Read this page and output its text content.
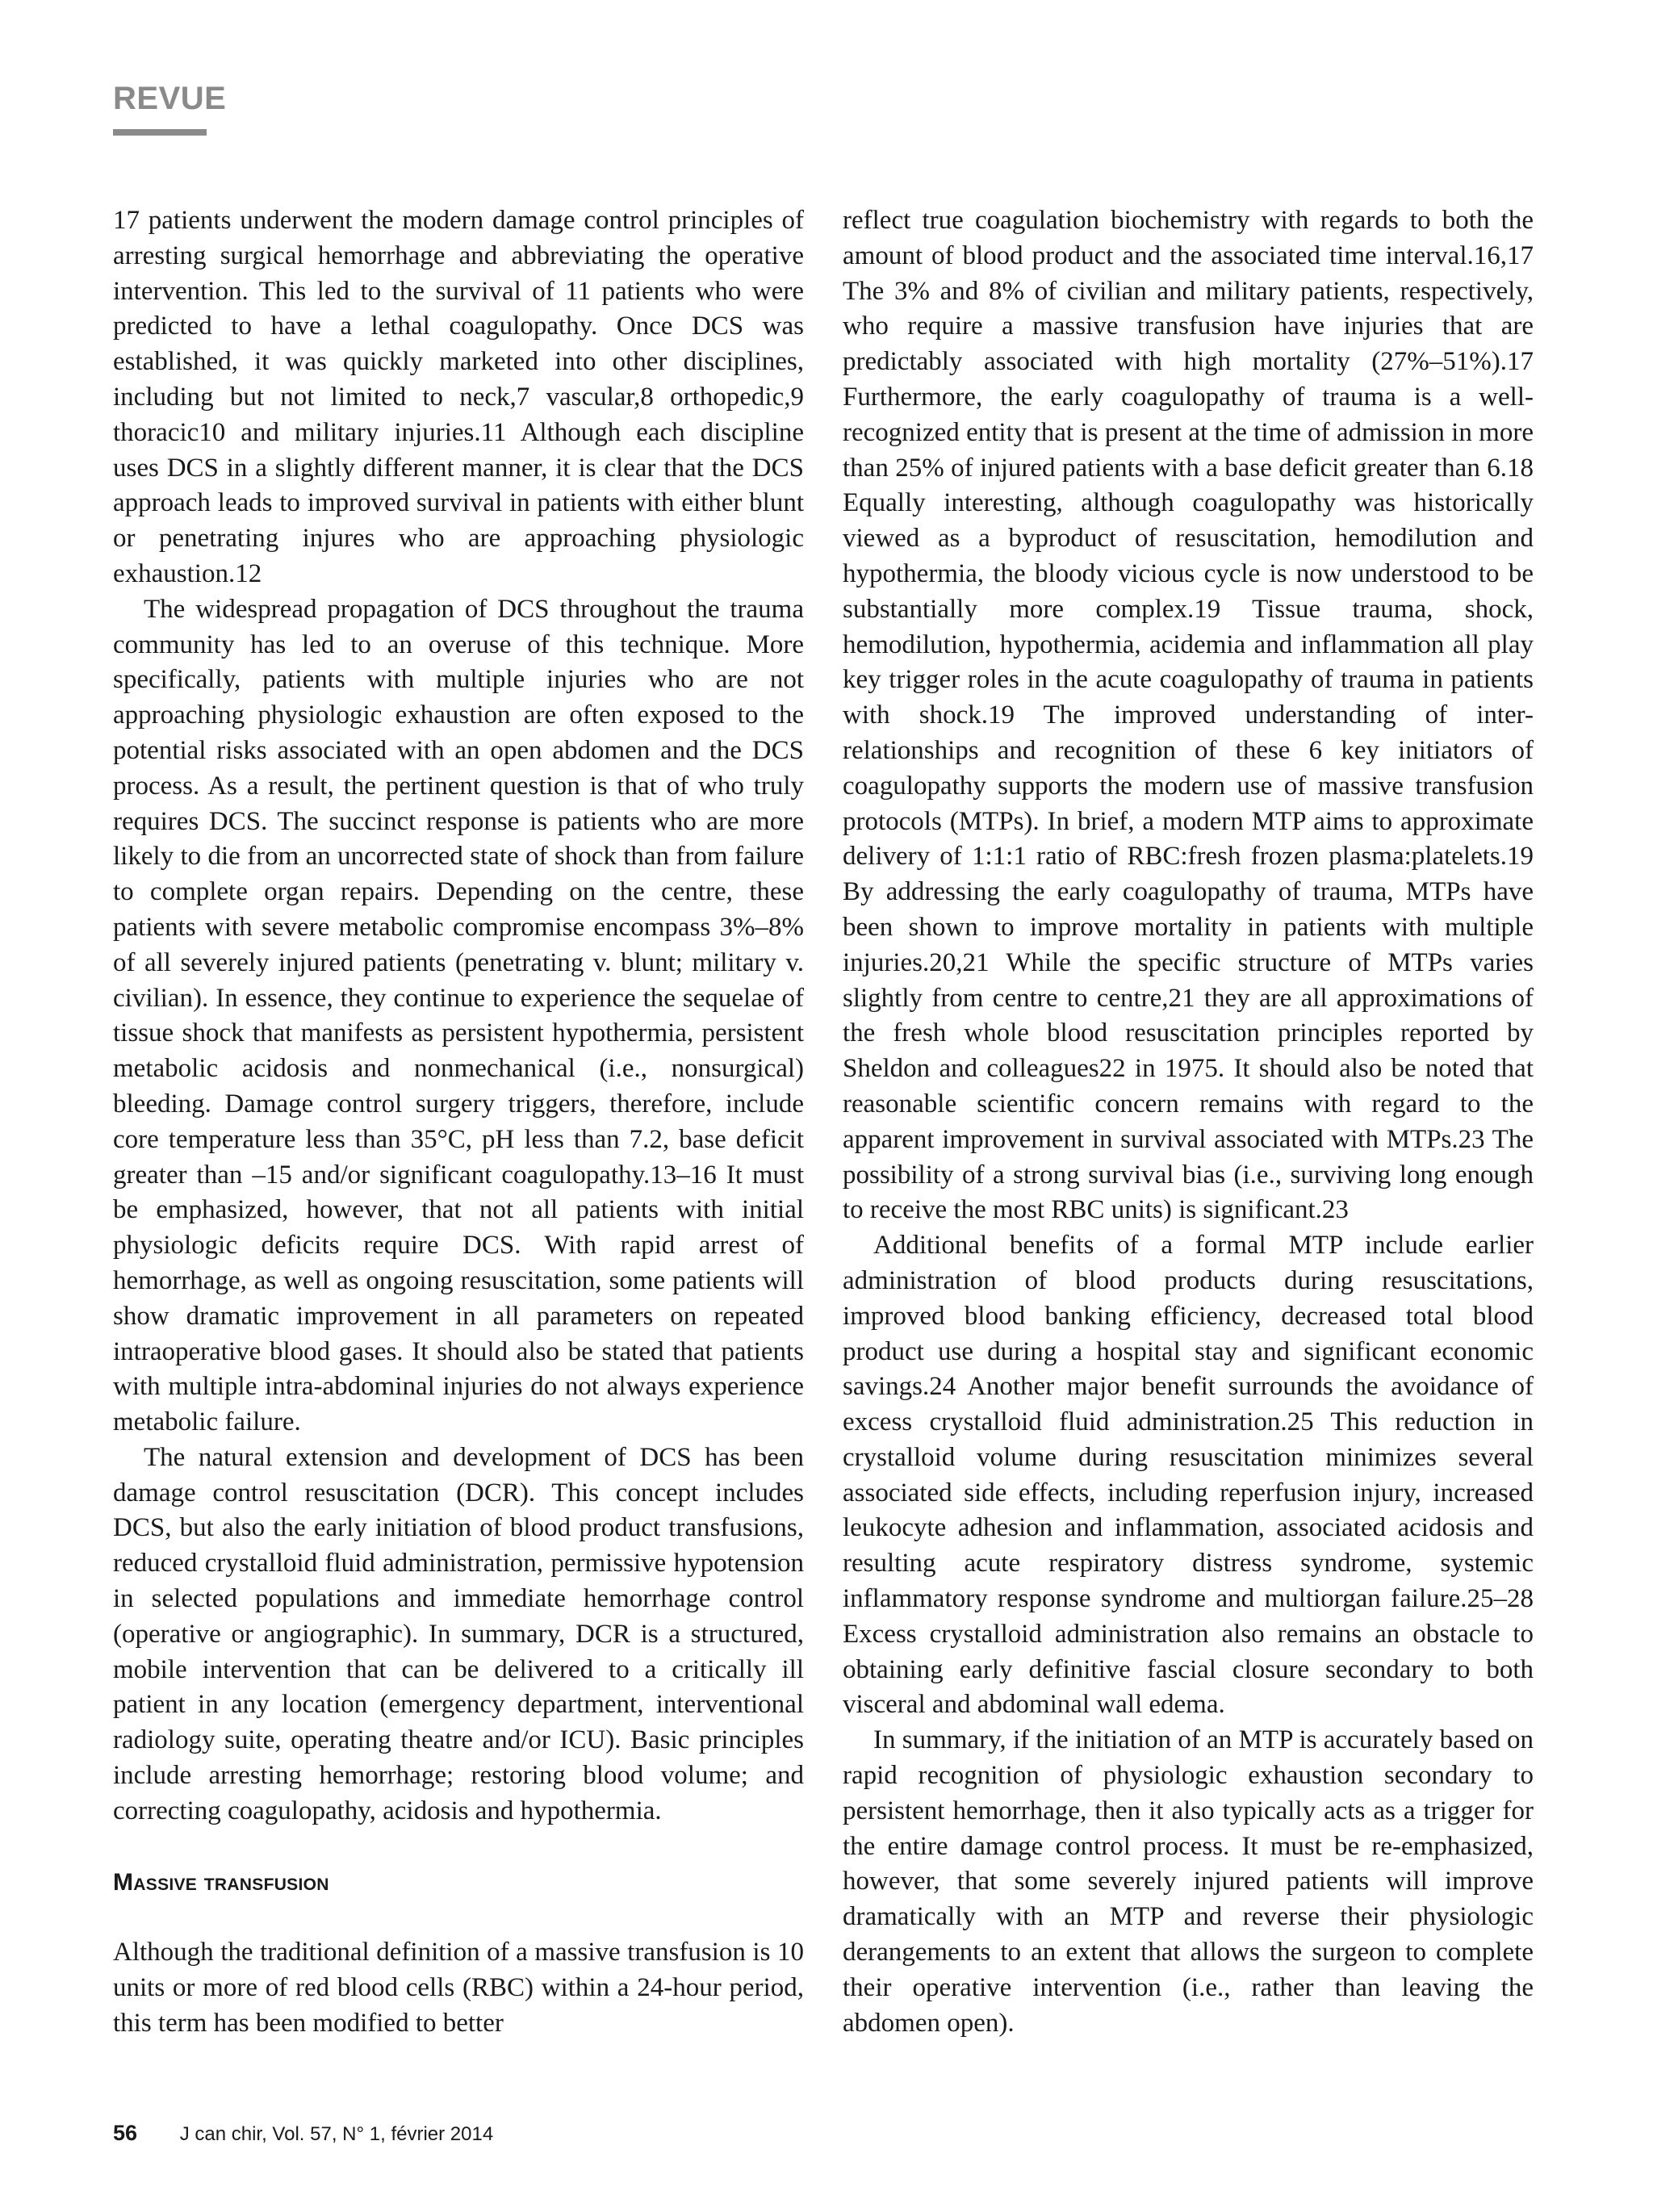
REVUE

17 patients underwent the modern damage control principles of arresting surgical hemorrhage and abbreviating the operative intervention. This led to the survival of 11 patients who were predicted to have a lethal coagulopathy. Once DCS was established, it was quickly marketed into other disciplines, including but not limited to neck,7 vascular,8 orthopedic,9 thoracic10 and military injuries.11 Although each discipline uses DCS in a slightly different manner, it is clear that the DCS approach leads to improved survival in patients with either blunt or penetrating injures who are approaching physiologic exhaustion.12

The widespread propagation of DCS throughout the trauma community has led to an overuse of this technique. More specifically, patients with multiple injuries who are not approaching physiologic exhaustion are often exposed to the potential risks associated with an open abdomen and the DCS process. As a result, the pertinent question is that of who truly requires DCS. The succinct response is patients who are more likely to die from an uncorrected state of shock than from failure to complete organ repairs. Depending on the centre, these patients with severe metabolic compromise encompass 3%–8% of all severely injured patients (penetrating v. blunt; military v. civilian). In essence, they continue to experience the sequelae of tissue shock that manifests as persistent hypothermia, persistent metabolic acidosis and nonmechanical (i.e., nonsurgical) bleeding. Damage control surgery triggers, therefore, include core temperature less than 35°C, pH less than 7.2, base deficit greater than –15 and/or significant coagulopathy.13–16 It must be emphasized, however, that not all patients with initial physiologic deficits require DCS. With rapid arrest of hemorrhage, as well as ongoing resuscitation, some patients will show dramatic improvement in all parameters on repeated intraoperative blood gases. It should also be stated that patients with multiple intra-abdominal injuries do not always experience metabolic failure.

The natural extension and development of DCS has been damage control resuscitation (DCR). This concept includes DCS, but also the early initiation of blood product transfusions, reduced crystalloid fluid administration, permissive hypotension in selected populations and immediate hemorrhage control (operative or angiographic). In summary, DCR is a structured, mobile intervention that can be delivered to a critically ill patient in any location (emergency department, interventional radiology suite, operating theatre and/or ICU). Basic principles include arresting hemorrhage; restoring blood volume; and correcting coagulopathy, acidosis and hypothermia.

Massive transfusion

Although the traditional definition of a massive transfusion is 10 units or more of red blood cells (RBC) within a 24-hour period, this term has been modified to better

reflect true coagulation biochemistry with regards to both the amount of blood product and the associated time interval.16,17 The 3% and 8% of civilian and military patients, respectively, who require a massive transfusion have injuries that are predictably associated with high mortality (27%–51%).17 Furthermore, the early coagulopathy of trauma is a well-recognized entity that is present at the time of admission in more than 25% of injured patients with a base deficit greater than 6.18 Equally interesting, although coagulopathy was historically viewed as a byproduct of resuscitation, hemodilution and hypothermia, the bloody vicious cycle is now understood to be substantially more complex.19 Tissue trauma, shock, hemodilution, hypothermia, acidemia and inflammation all play key trigger roles in the acute coagulopathy of trauma in patients with shock.19 The improved understanding of inter-relationships and recognition of these 6 key initiators of coagulopathy supports the modern use of massive transfusion protocols (MTPs). In brief, a modern MTP aims to approximate delivery of 1:1:1 ratio of RBC:fresh frozen plasma:platelets.19 By addressing the early coagulopathy of trauma, MTPs have been shown to improve mortality in patients with multiple injuries.20,21 While the specific structure of MTPs varies slightly from centre to centre,21 they are all approximations of the fresh whole blood resuscitation principles reported by Sheldon and colleagues22 in 1975. It should also be noted that reasonable scientific concern remains with regard to the apparent improvement in survival associated with MTPs.23 The possibility of a strong survival bias (i.e., surviving long enough to receive the most RBC units) is significant.23

Additional benefits of a formal MTP include earlier administration of blood products during resuscitations, improved blood banking efficiency, decreased total blood product use during a hospital stay and significant economic savings.24 Another major benefit surrounds the avoidance of excess crystalloid fluid administration.25 This reduction in crystalloid volume during resuscitation minimizes several associated side effects, including reperfusion injury, increased leukocyte adhesion and inflammation, associated acidosis and resulting acute respiratory distress syndrome, systemic inflammatory response syndrome and multiorgan failure.25–28 Excess crystalloid administration also remains an obstacle to obtaining early definitive fascial closure secondary to both visceral and abdominal wall edema.

In summary, if the initiation of an MTP is accurately based on rapid recognition of physiologic exhaustion secondary to persistent hemorrhage, then it also typically acts as a trigger for the entire damage control process. It must be re-emphasized, however, that some severely injured patients will improve dramatically with an MTP and reverse their physiologic derangements to an extent that allows the surgeon to complete their operative intervention (i.e., rather than leaving the abdomen open).

56 J can chir, Vol. 57, N° 1, février 2014
